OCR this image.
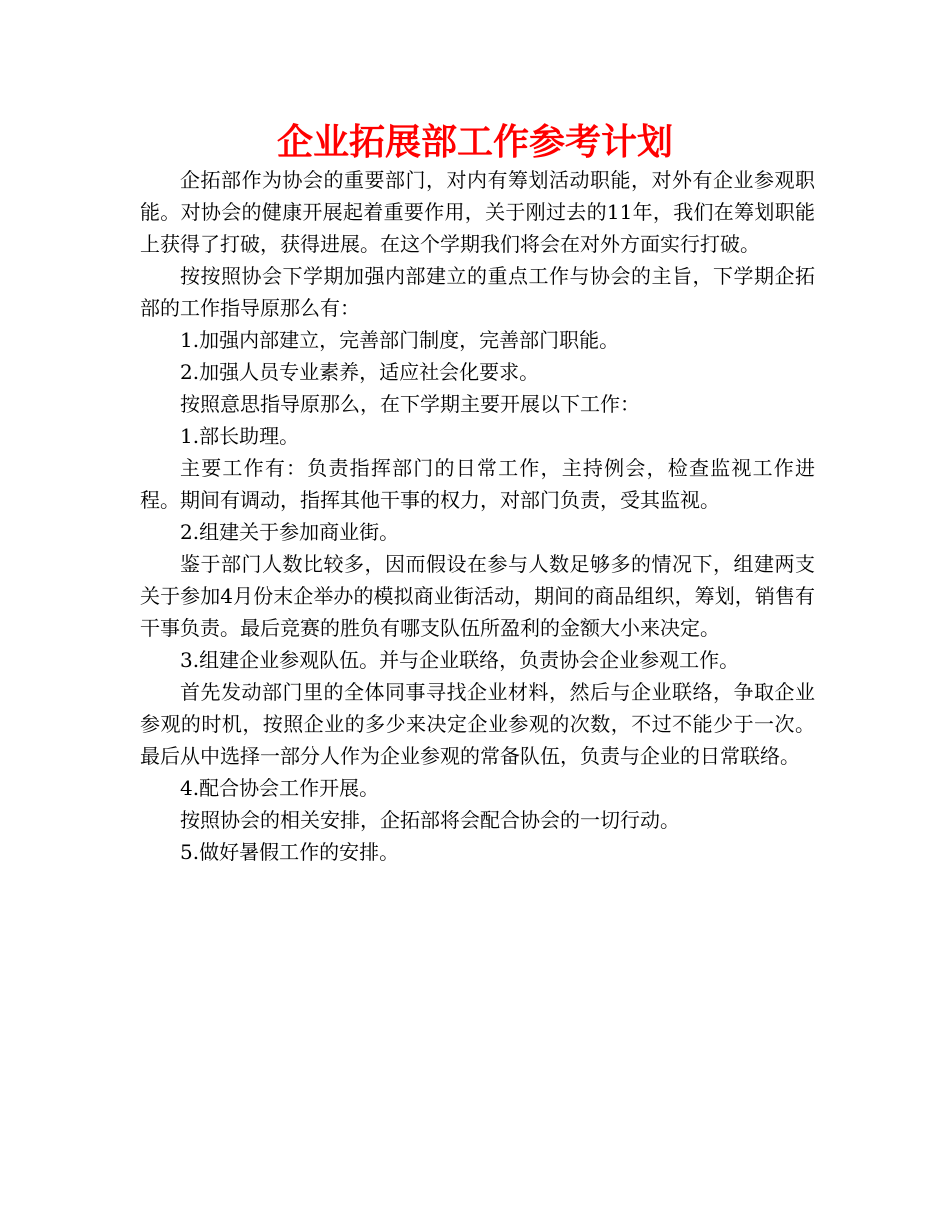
企业拓展部工作参考计划

企拓部作为协会的重要部门，对内有筹划活动职能，对外有企业参观职能。对协会的健康开展起着重要作用，关于刚过去的11年，我们在筹划职能上获得了打破，获得进展。在这个学期我们将会在对外方面实行打破。

按按照协会下学期加强内部建立的重点工作与协会的主旨，下学期企拓部的工作指导原那么有：

1.加强内部建立，完善部门制度，完善部门职能。

2.加强人员专业素养，适应社会化要求。

按照意思指导原那么，在下学期主要开展以下工作：

1.部长助理。

主要工作有：负责指挥部门的日常工作，主持例会，检查监视工作进程。期间有调动，指挥其他干事的权力，对部门负责，受其监视。

2.组建关于参加商业街。

鉴于部门人数比较多，因而假设在参与人数足够多的情况下，组建两支关于参加4月份末企举办的模拟商业街活动，期间的商品组织，筹划，销售有干事负责。最后竞赛的胜负有哪支队伍所盈利的金额大小来决定。

3.组建企业参观队伍。并与企业联络，负责协会企业参观工作。

首先发动部门里的全体同事寻找企业材料，然后与企业联络，争取企业参观的时机，按照企业的多少来决定企业参观的次数，不过不能少于一次。最后从中选择一部分人作为企业参观的常备队伍，负责与企业的日常联络。

4.配合协会工作开展。

按照协会的相关安排，企拓部将会配合协会的一切行动。

5.做好暑假工作的安排。
